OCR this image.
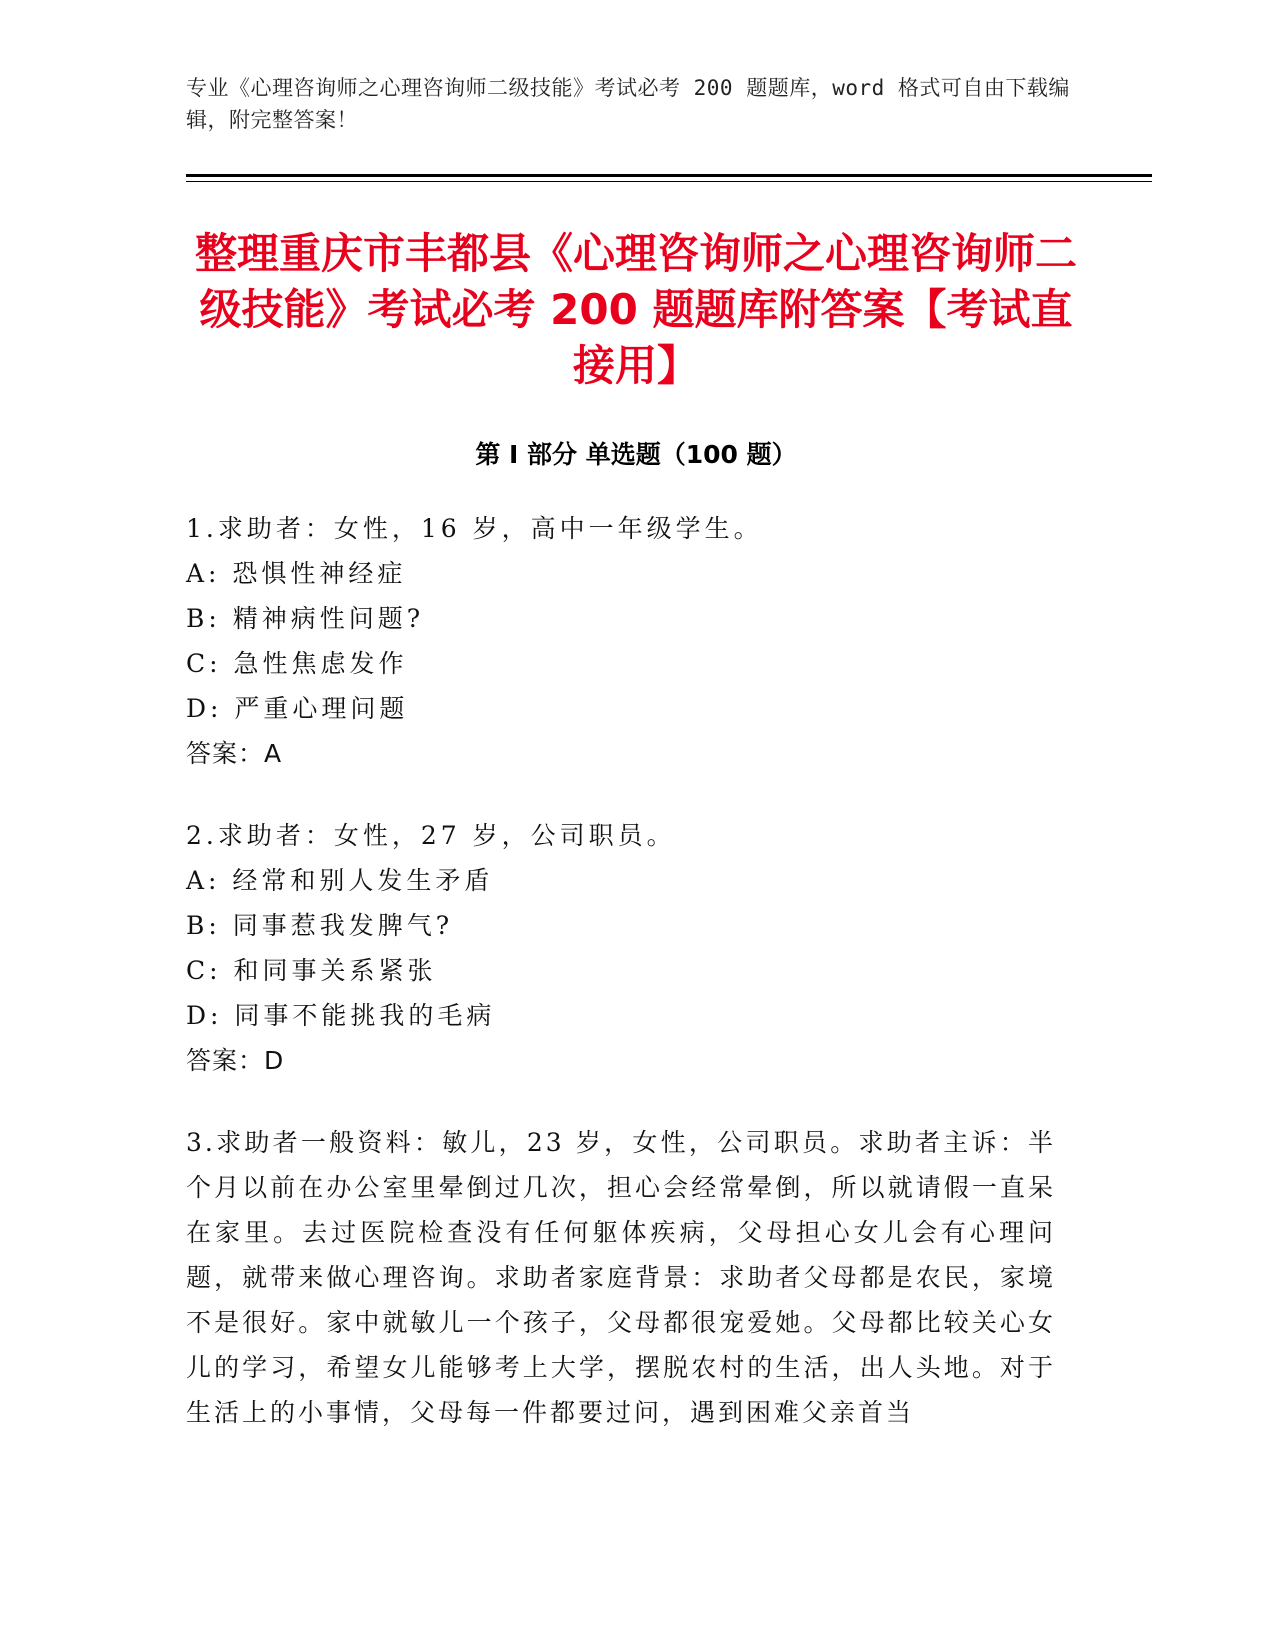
专业《心理咨询师之心理咨询师二级技能》考试必考 200 题题库，word 格式可自由下载编辑，附完整答案！
整理重庆市丰都县《心理咨询师之心理咨询师二级技能》考试必考 200 题题库附答案【考试直接用】
第 I 部分 单选题（100 题）
1.求助者：女性，16 岁，高中一年级学生。
A: 恐惧性神经症
B: 精神病性问题?
C: 急性焦虑发作
D: 严重心理问题
答案：A
2.求助者：女性，27 岁，公司职员。
A: 经常和别人发生矛盾
B: 同事惹我发脾气?
C: 和同事关系紧张
D: 同事不能挑我的毛病
答案：D

3.求助者一般资料：敏儿，23 岁，女性，公司职员。求助者主诉：半个月以前在办公室里晕倒过几次，担心会经常晕倒，所以就请假一直呆在家里。去过医院检查没有任何躯体疾病，父母担心女儿会有心理问题，就带来做心理咨询。求助者家庭背景：求助者父母都是农民，家境不是很好。家中就敏儿一个孩子，父母都很宠爱她。父母都比较关心女儿的学习，希望女儿能够考上大学，摆脱农村的生活，出人头地。对于生活上的小事情，父母每一件都要过问，遇到困难父亲首当
